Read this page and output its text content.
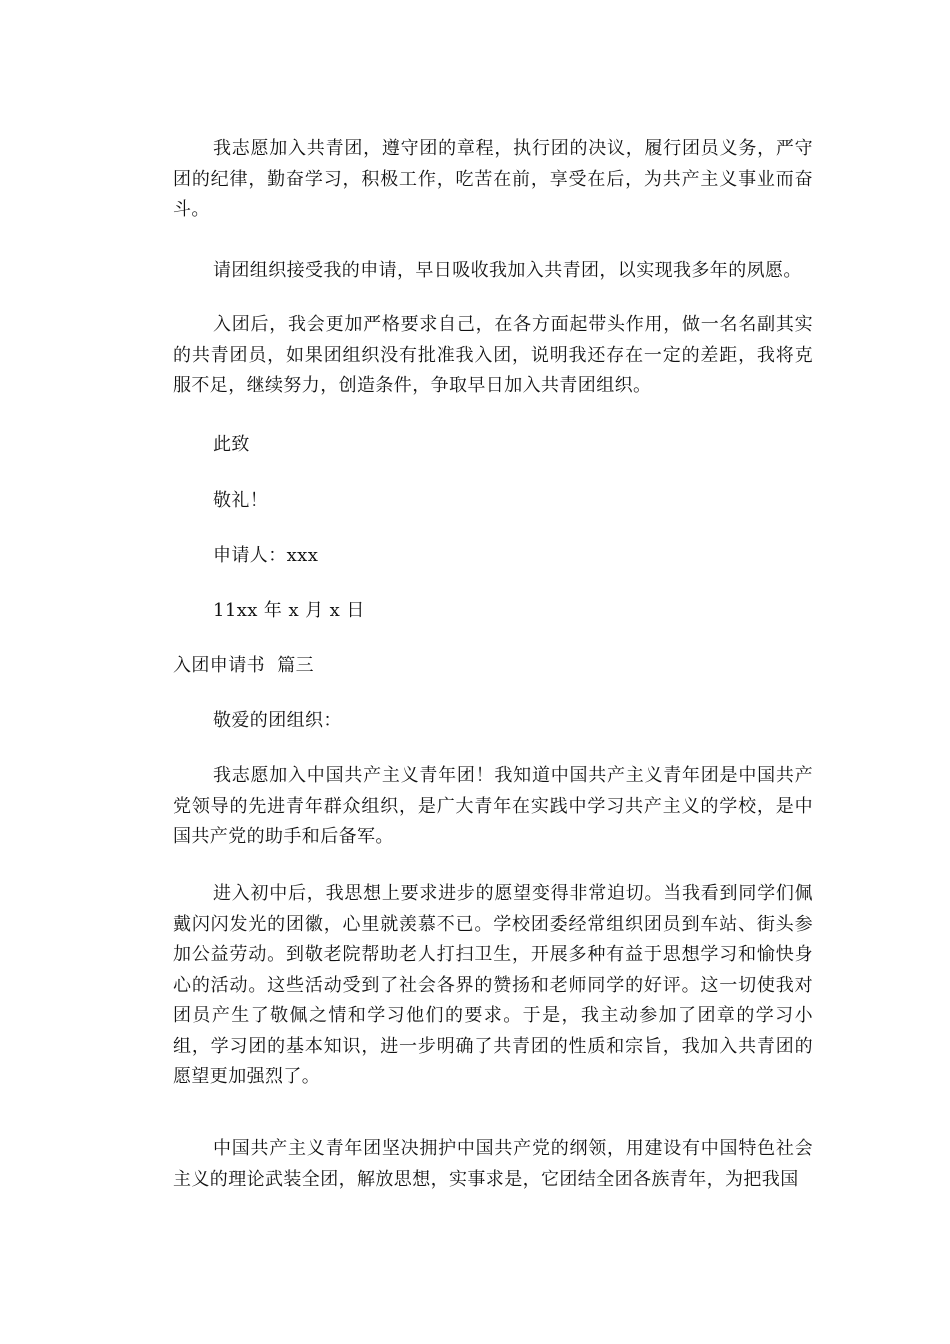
我志愿加入共青团，遵守团的章程，执行团的决议，履行团员义务，严守团的纪律，勤奋学习，积极工作，吃苦在前，享受在后，为共产主义事业而奋斗。

请团组织接受我的申请，早日吸收我加入共青团，以实现我多年的夙愿。

入团后，我会更加严格要求自己，在各方面起带头作用，做一名名副其实的共青团员，如果团组织没有批准我入团，说明我还存在一定的差距，我将克服不足，继续努力，创造条件，争取早日加入共青团组织。

此致

敬礼！

申请人：xxx

11xx 年 x 月 x 日

入团申请书  篇三

敬爱的团组织：

我志愿加入中国共产主义青年团！我知道中国共产主义青年团是中国共产党领导的先进青年群众组织，是广大青年在实践中学习共产主义的学校，是中国共产党的助手和后备军。

进入初中后，我思想上要求进步的愿望变得非常迫切。当我看到同学们佩戴闪闪发光的团徽，心里就羡慕不已。学校团委经常组织团员到车站、街头参加公益劳动。到敬老院帮助老人打扫卫生，开展多种有益于思想学习和愉快身心的活动。这些活动受到了社会各界的赞扬和老师同学的好评。这一切使我对团员产生了敬佩之情和学习他们的要求。于是，我主动参加了团章的学习小组，学习团的基本知识，进一步明确了共青团的性质和宗旨，我加入共青团的愿望更加强烈了。

中国共产主义青年团坚决拥护中国共产党的纲领，用建设有中国特色社会主义的理论武装全团，解放思想，实事求是，它团结全团各族青年，为把我国
